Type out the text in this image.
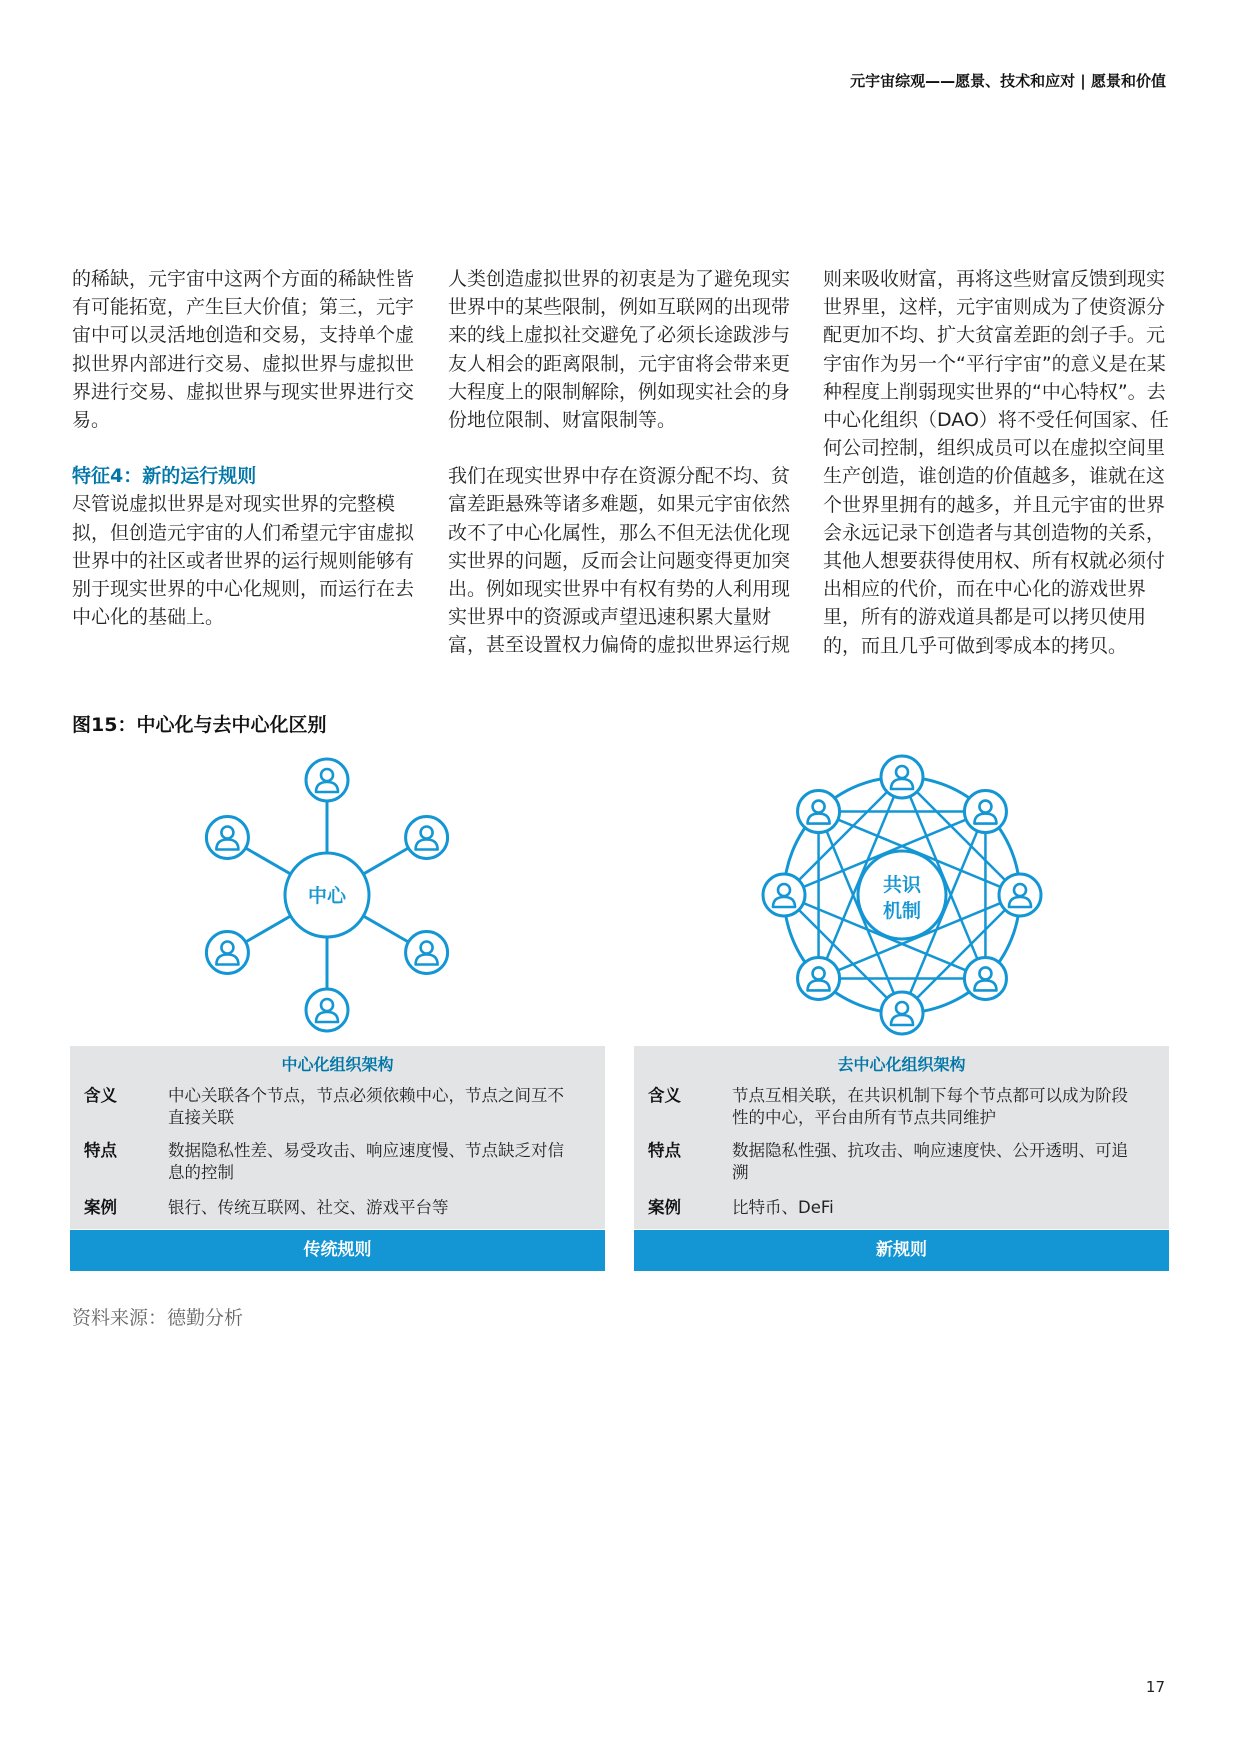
元宇宙综观——愿景、技术和应对 | 愿景和价值

的稀缺，元宇宙中这两个方面的稀缺性皆有可能拓宽，产生巨大价值；第三，元宇宙中可以灵活地创造和交易，支持单个虚拟世界内部进行交易、虚拟世界与虚拟世界进行交易、虚拟世界与现实世界进行交易。

特征4：新的运行规则

尽管说虚拟世界是对现实世界的完整模拟，但创造元宇宙的人们希望元宇宙虚拟世界中的社区或者世界的运行规则能够有别于现实世界的中心化规则，而运行在去中心化的基础上。

人类创造虚拟世界的初衷是为了避免现实世界中的某些限制，例如互联网的出现带来的线上虚拟社交避免了必须长途跋涉与友人相会的距离限制，元宇宙将会带来更大程度上的限制解除，例如现实社会的身份地位限制、财富限制等。

我们在现实世界中存在资源分配不均、贫富差距悬殊等诸多难题，如果元宇宙依然改不了中心化属性，那么不但无法优化现实世界的问题，反而会让问题变得更加突出。例如现实世界中有权有势的人利用现实世界中的资源或声望迅速积累大量财富，甚至设置权力偏倚的虚拟世界运行规

则来吸收财富，再将这些财富反馈到现实世界里，这样，元宇宙则成为了使资源分配更加不均、扩大贫富差距的刽子手。元宇宙作为另一个“平行宇宙”的意义是在某种程度上削弱现实世界的“中心特权”。去中心化组织（DAO）将不受任何国家、任何公司控制，组织成员可以在虚拟空间里生产创造，谁创造的价值越多，谁就在这个世界里拥有的越多，并且元宇宙的世界会永远记录下创造者与其创造物的关系，其他人想要获得使用权、所有权就必须付出相应的代价，而在中心化的游戏世界里，所有的游戏道具都是可以拷贝使用的，而且几乎可做到零成本的拷贝。

图15：中心化与去中心化区别
中心	共识
机制
中心化组织架构
含义	中心关联各个节点，节点必须依赖中心，节点之间互不直接关联
特点	数据隐私性差、易受攻击、响应速度慢、节点缺乏对信息的控制
案例	银行、传统互联网、社交、游戏平台等
传统规则
去中心化组织架构
含义	节点互相关联，在共识机制下每个节点都可以成为阶段性的中心，平台由所有节点共同维护
特点	数据隐私性强、抗攻击、响应速度快、公开透明、可追溯
案例	比特币、DeFi
新规则
资料来源：德勤分析
17
